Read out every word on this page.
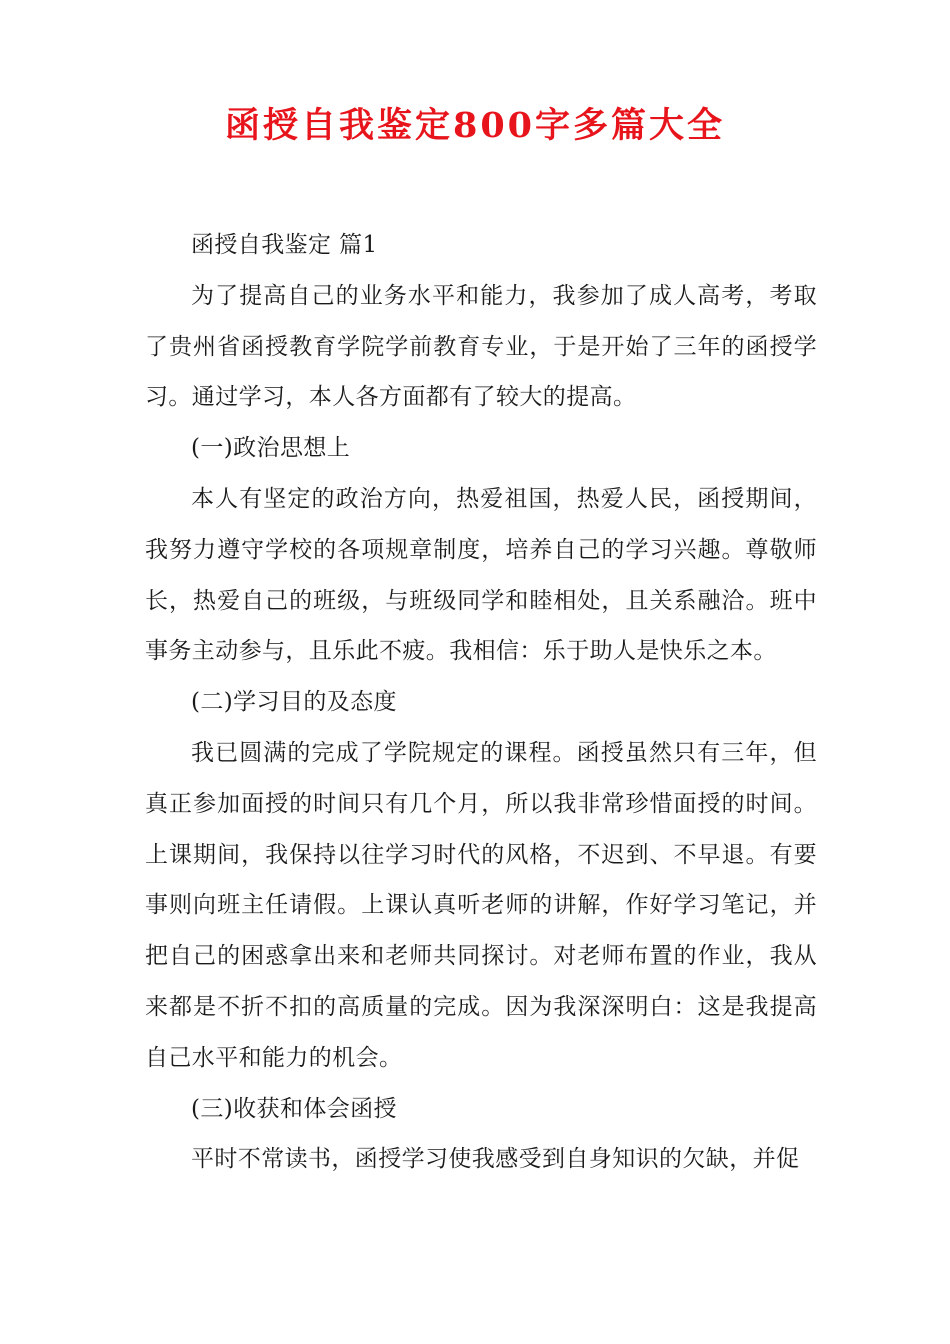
函授自我鉴定800字多篇大全

函授自我鉴定 篇1

为了提高自己的业务水平和能力，我参加了成人高考，考取了贵州省函授教育学院学前教育专业，于是开始了三年的函授学习。通过学习，本人各方面都有了较大的提高。

(一)政治思想上

本人有坚定的政治方向，热爱祖国，热爱人民，函授期间，我努力遵守学校的各项规章制度，培养自己的学习兴趣。尊敬师长，热爱自己的班级，与班级同学和睦相处，且关系融洽。班中事务主动参与，且乐此不疲。我相信：乐于助人是快乐之本。

(二)学习目的及态度

我已圆满的完成了学院规定的课程。函授虽然只有三年，但真正参加面授的时间只有几个月，所以我非常珍惜面授的时间。上课期间，我保持以往学习时代的风格，不迟到、不早退。有要事则向班主任请假。上课认真听老师的讲解，作好学习笔记，并把自己的困惑拿出来和老师共同探讨。对老师布置的作业，我从来都是不折不扣的高质量的完成。因为我深深明白：这是我提高自己水平和能力的机会。

(三)收获和体会函授

平时不常读书，函授学习使我感受到自身知识的欠缺，并促
